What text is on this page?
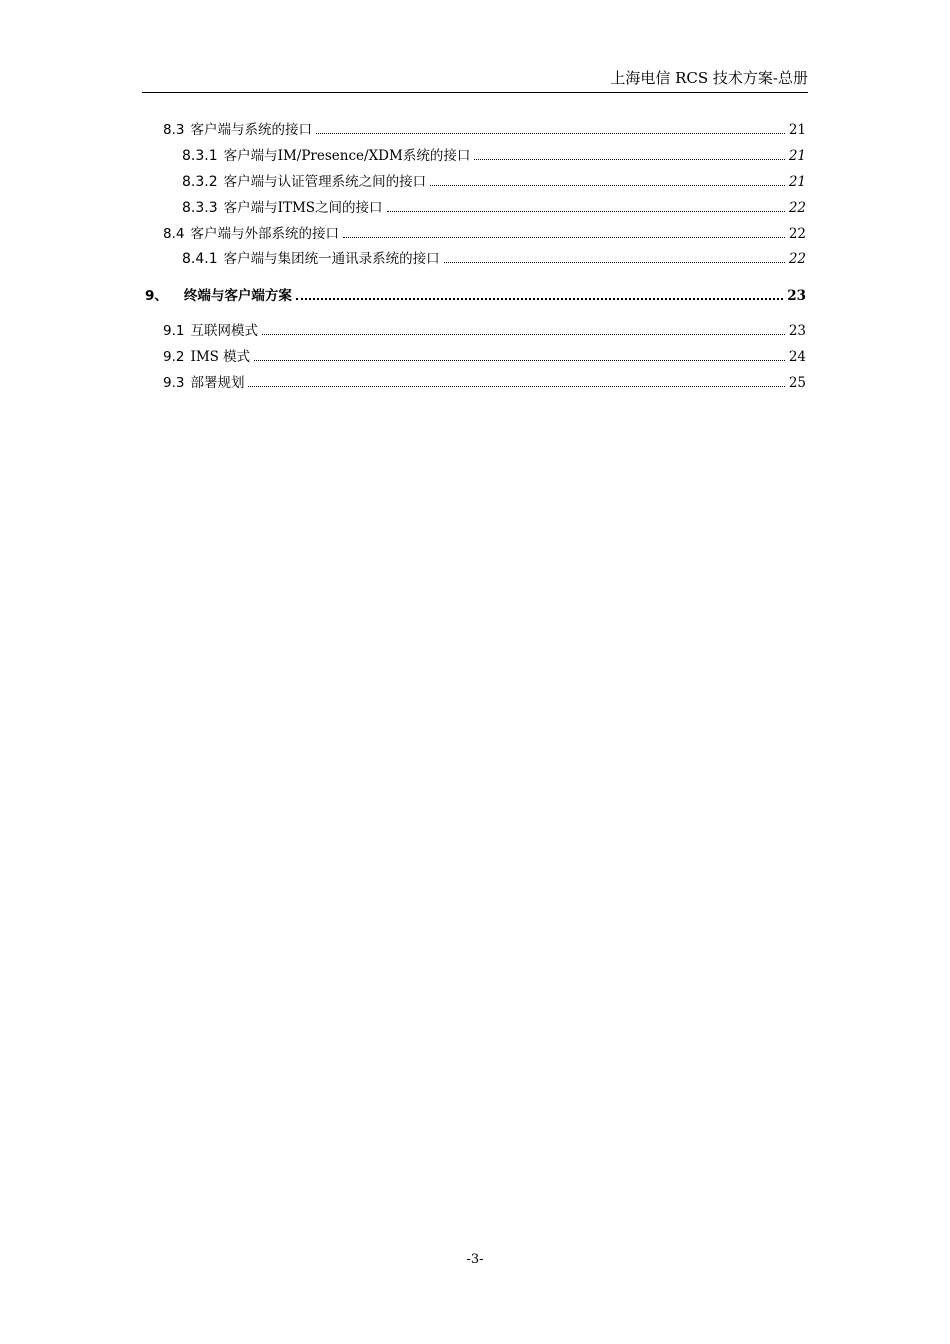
上海电信 RCS 技术方案-总册
8.3 客户端与系统的接口	21
8.3.1 客户端与IM/Presence/XDM系统的接口	21
8.3.2 客户端与认证管理系统之间的接口	21
8.3.3 客户端与ITMS之间的接口	22
8.4 客户端与外部系统的接口	22
8.4.1 客户端与集团统一通讯录系统的接口	22
9、 终端与客户端方案	23
9.1 互联网模式	23
9.2 IMS 模式	24
9.3 部署规划	25
-3-
